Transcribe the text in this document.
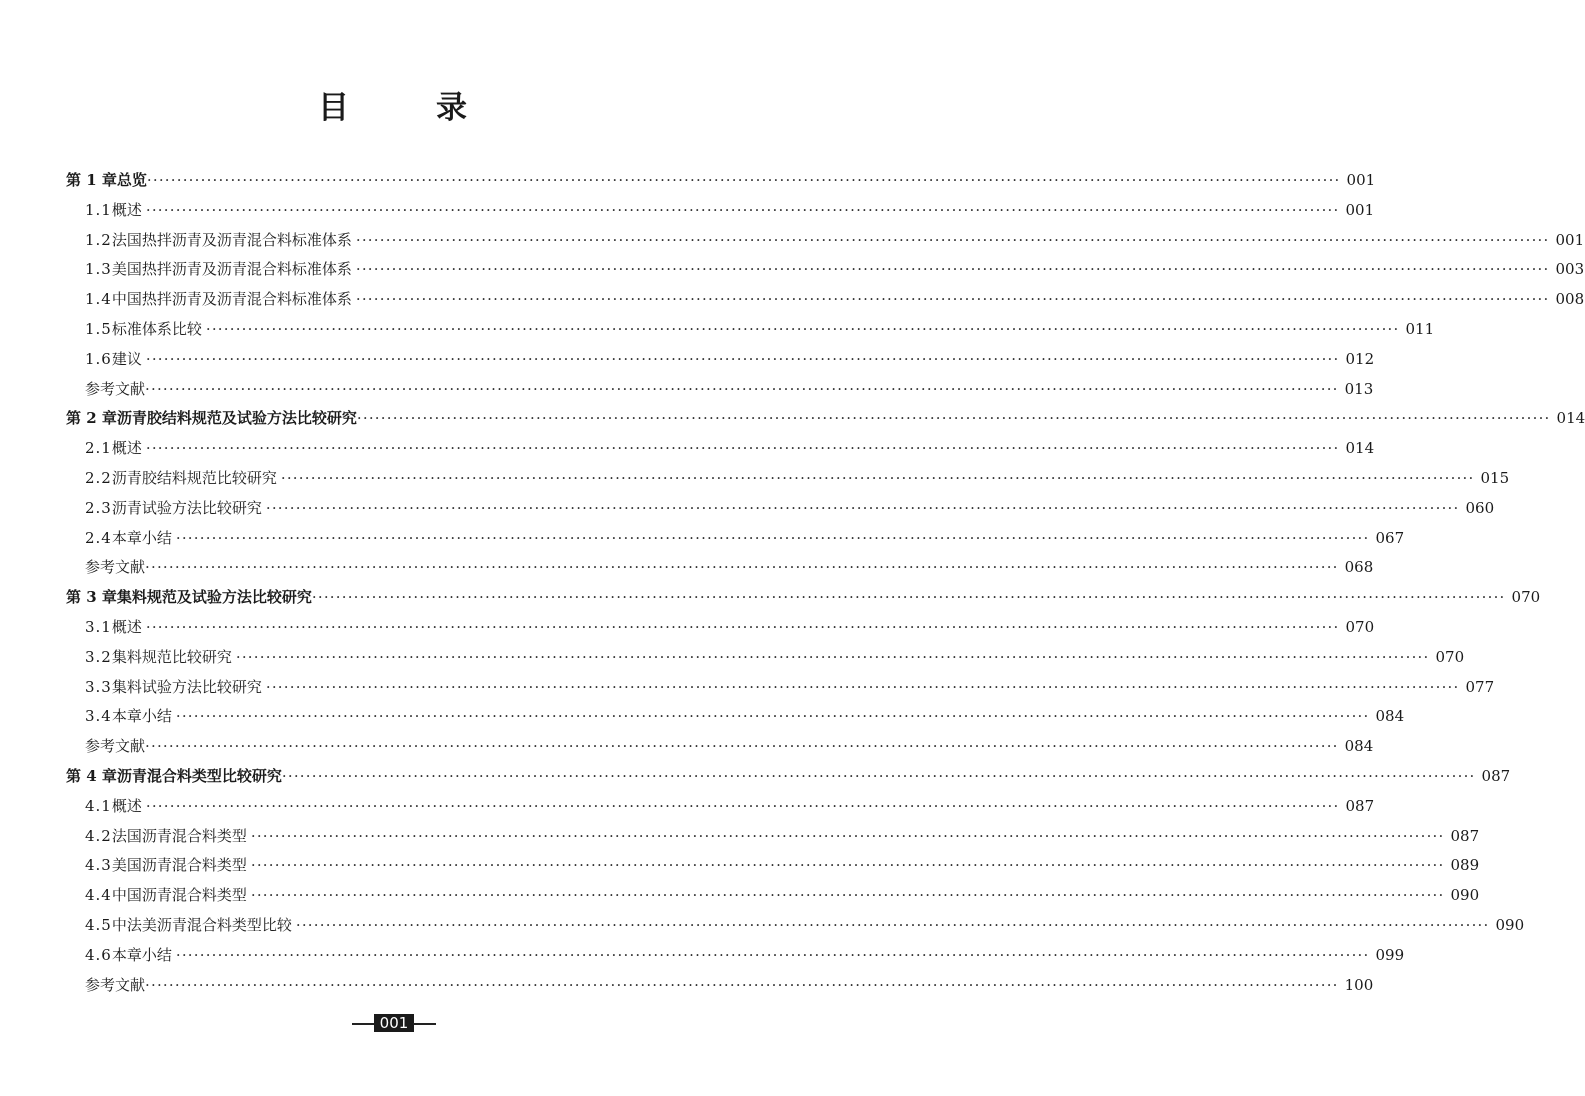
目	录
第 1 章 总览 ········································································································································································································ 001
1.1 概述 ········································································································································································································ 001
1.2 法国热拌沥青及沥青混合料标准体系 ········································································································································································································ 001
1.3 美国热拌沥青及沥青混合料标准体系 ········································································································································································································ 003
1.4 中国热拌沥青及沥青混合料标准体系 ········································································································································································································ 008
1.5 标准体系比较 ········································································································································································································ 011
1.6 建议 ········································································································································································································ 012
参考文献 ········································································································································································································ 013
第 2 章 沥青胶结料规范及试验方法比较研究 ········································································································································································································ 014
2.1 概述 ········································································································································································································ 014
2.2 沥青胶结料规范比较研究 ········································································································································································································ 015
2.3 沥青试验方法比较研究 ········································································································································································································ 060
2.4 本章小结 ········································································································································································································ 067
参考文献 ········································································································································································································ 068
第 3 章 集料规范及试验方法比较研究 ········································································································································································································ 070
3.1 概述 ········································································································································································································ 070
3.2 集料规范比较研究 ········································································································································································································ 070
3.3 集料试验方法比较研究 ········································································································································································································ 077
3.4 本章小结 ········································································································································································································ 084
参考文献 ········································································································································································································ 084
第 4 章 沥青混合料类型比较研究 ········································································································································································································ 087
4.1 概述 ········································································································································································································ 087
4.2 法国沥青混合料类型 ········································································································································································································ 087
4.3 美国沥青混合料类型 ········································································································································································································ 089
4.4 中国沥青混合料类型 ········································································································································································································ 090
4.5 中法美沥青混合料类型比较 ········································································································································································································ 090
4.6 本章小结 ········································································································································································································ 099
参考文献 ········································································································································································································ 100
001
